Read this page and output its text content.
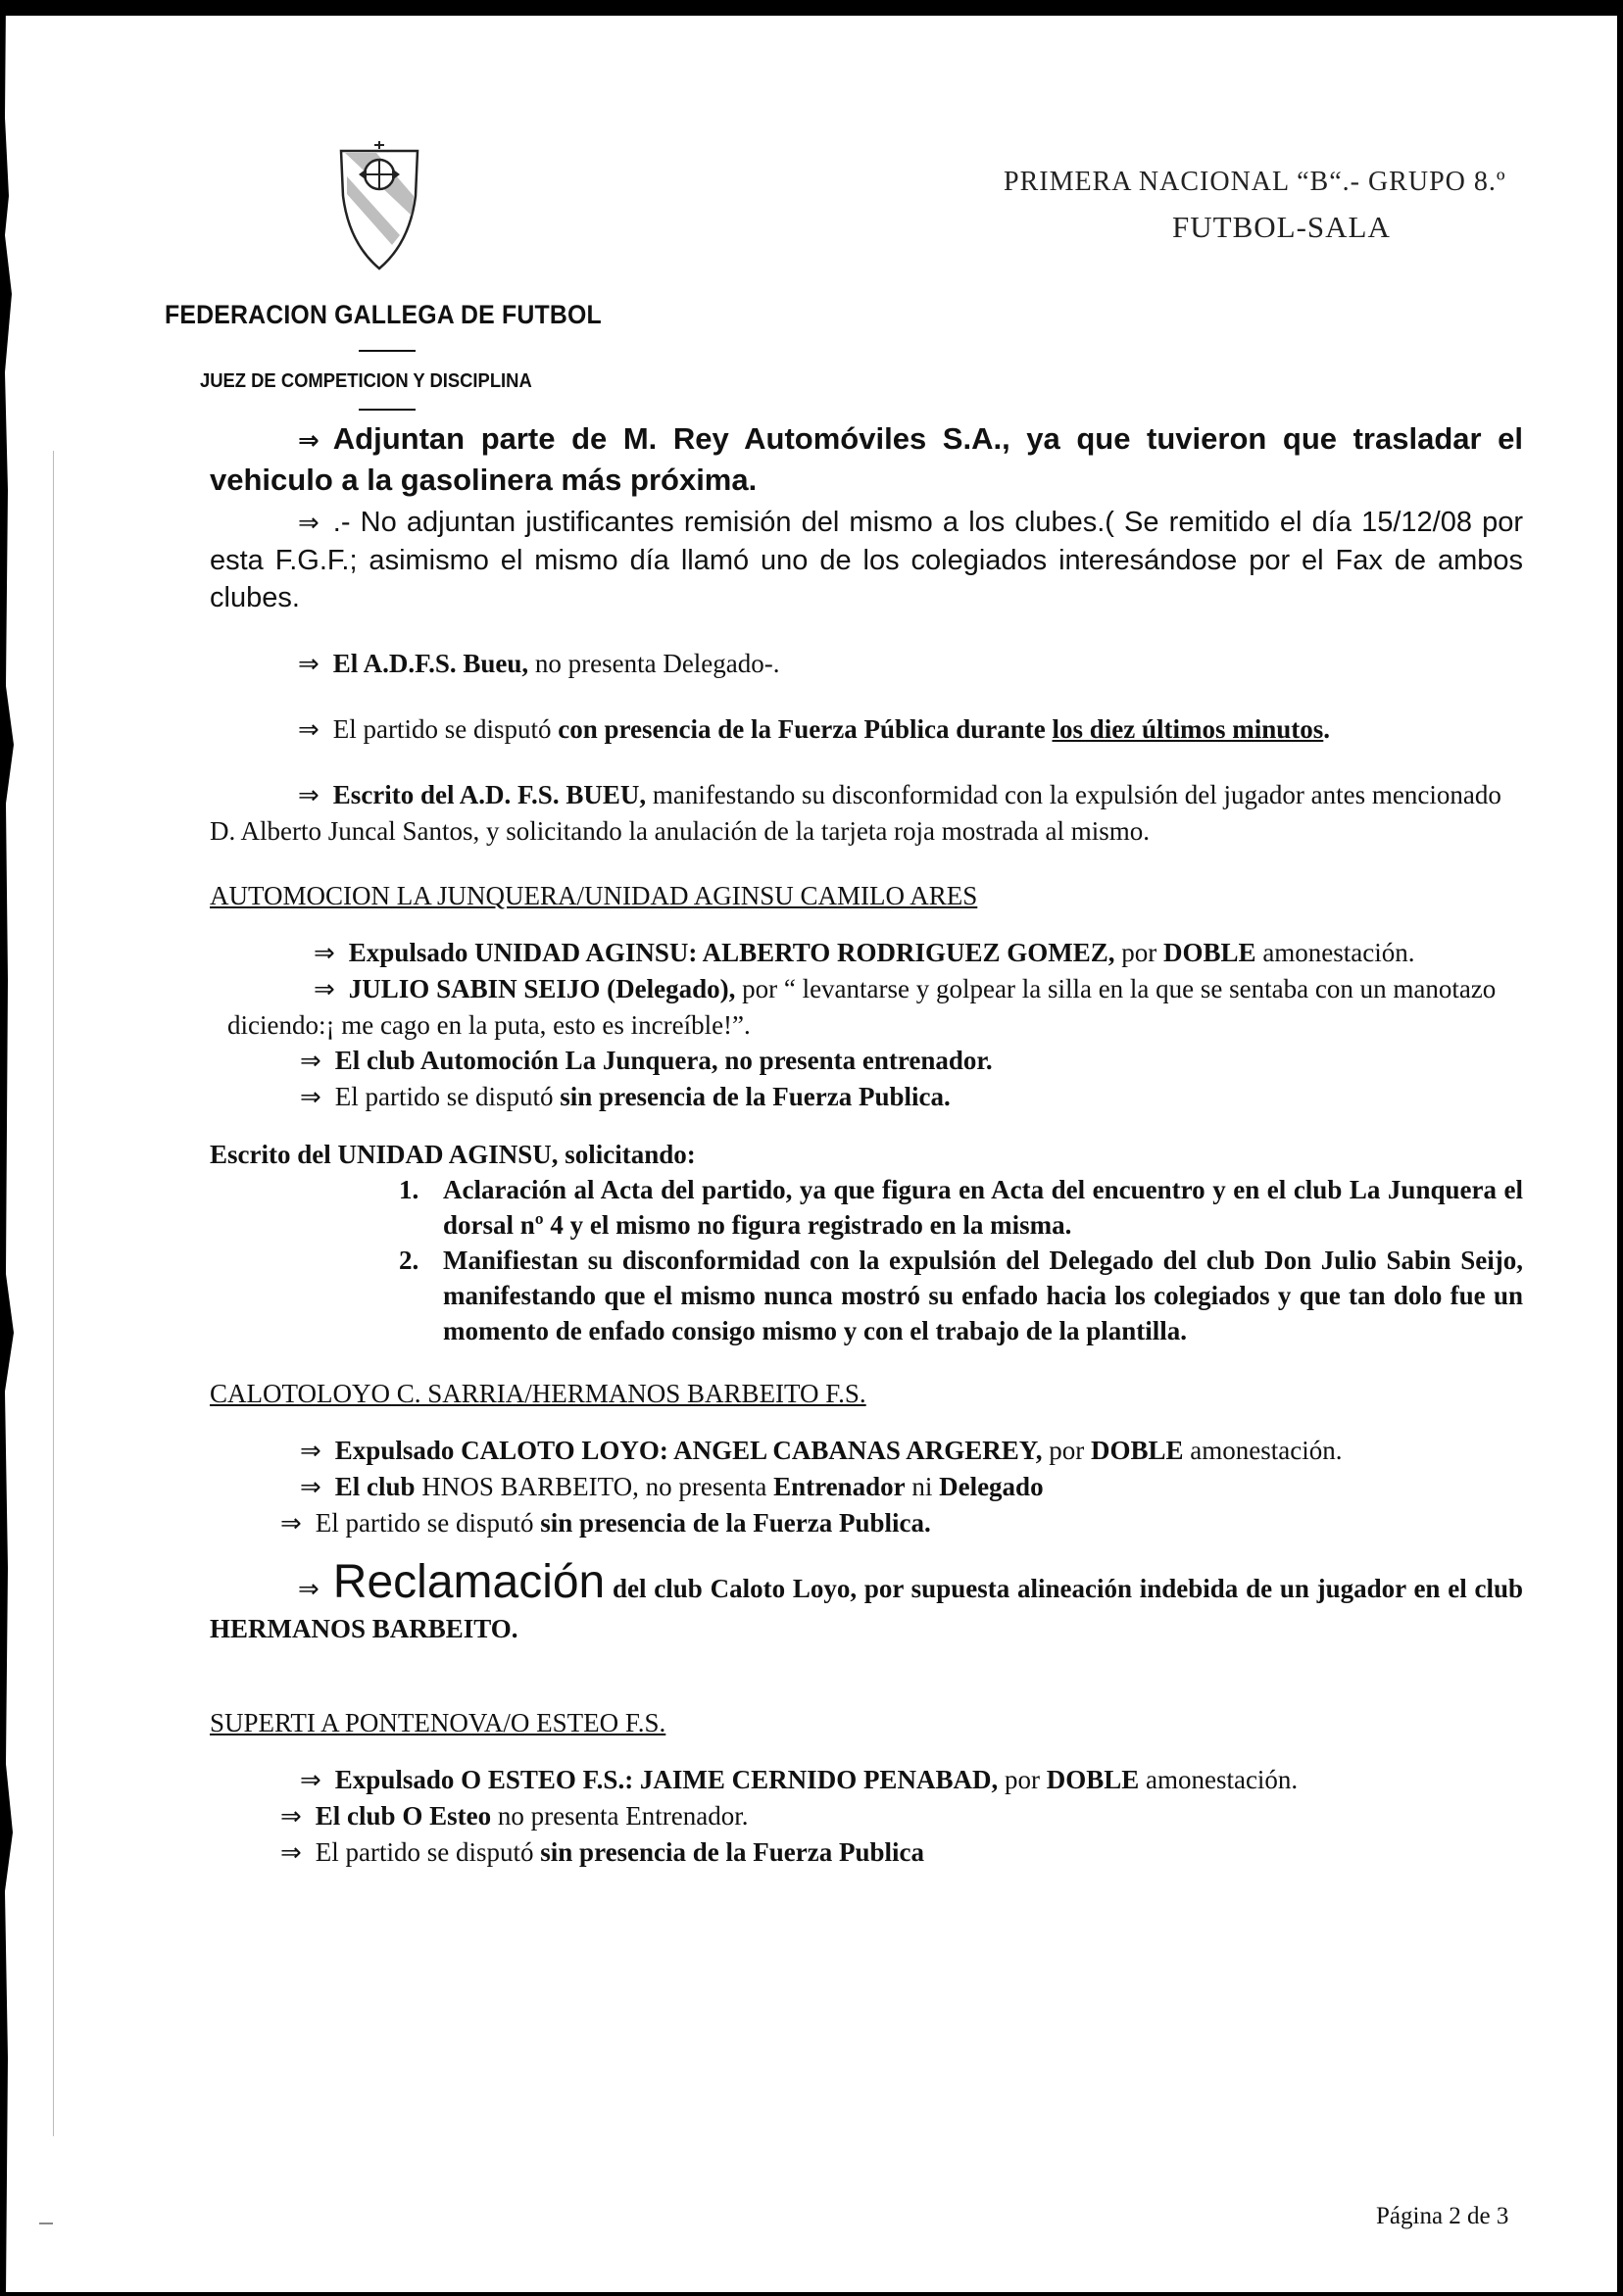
FEDERACION GALLEGA DE FUTBOL
JUEZ DE COMPETICION Y DISCIPLINA
PRIMERA NACIONAL “B“.- GRUPO 8.º
FUTBOL-SALA

⇒ Adjuntan parte de M. Rey Automóviles S.A., ya que tuvieron que trasladar el vehiculo a la gasolinera más próxima.

⇒ .- No adjuntan justificantes remisión del mismo a los clubes.( Se remitido el día 15/12/08 por esta F.G.F.; asimismo el mismo día llamó uno de los colegiados interesándose por el Fax de ambos clubes.

⇒ El A.D.F.S. Bueu, no presenta Delegado-.

⇒ El partido se disputó con presencia de la Fuerza Pública durante los diez últimos minutos.

⇒ Escrito del A.D. F.S. BUEU, manifestando su disconformidad con la expulsión del jugador antes mencionado D. Alberto Juncal Santos, y solicitando la anulación de la tarjeta roja mostrada al mismo.

AUTOMOCION LA JUNQUERA/UNIDAD AGINSU CAMILO ARES

⇒ Expulsado UNIDAD AGINSU: ALBERTO RODRIGUEZ GOMEZ, por DOBLE amonestación.

⇒ JULIO SABIN SEIJO (Delegado), por “ levantarse y golpear la silla en la que se sentaba con un manotazo diciendo:¡ me cago en la puta, esto es increíble!”.

⇒ El club Automoción La Junquera, no presenta entrenador.

⇒ El partido se disputó sin presencia de la Fuerza Publica.

Escrito del UNIDAD AGINSU, solicitando:

1. Aclaración al Acta del partido, ya que figura en Acta del encuentro y en el club La Junquera el dorsal nº 4 y el mismo no figura registrado en la misma.
2. Manifiestan su disconformidad con la expulsión del Delegado del club Don Julio Sabin Seijo, manifestando que el mismo nunca mostró su enfado hacia los colegiados y que tan dolo fue un momento de enfado consigo mismo y con el trabajo de la plantilla.

CALOTOLOYO C. SARRIA/HERMANOS BARBEITO F.S.

⇒ Expulsado CALOTO LOYO: ANGEL CABANAS ARGEREY, por DOBLE amonestación.

⇒ El club HNOS BARBEITO, no presenta Entrenador ni Delegado

⇒ El partido se disputó sin presencia de la Fuerza Publica.

⇒ Reclamación del club Caloto Loyo, por supuesta alineación indebida de un jugador en el club HERMANOS BARBEITO.

SUPERTI A PONTENOVA/O ESTEO F.S.

⇒ Expulsado O ESTEO F.S.: JAIME CERNIDO PENABAD, por DOBLE amonestación.

⇒ El club O Esteo no presenta Entrenador.

⇒ El partido se disputó sin presencia de la Fuerza Publica

Página 2 de 3
